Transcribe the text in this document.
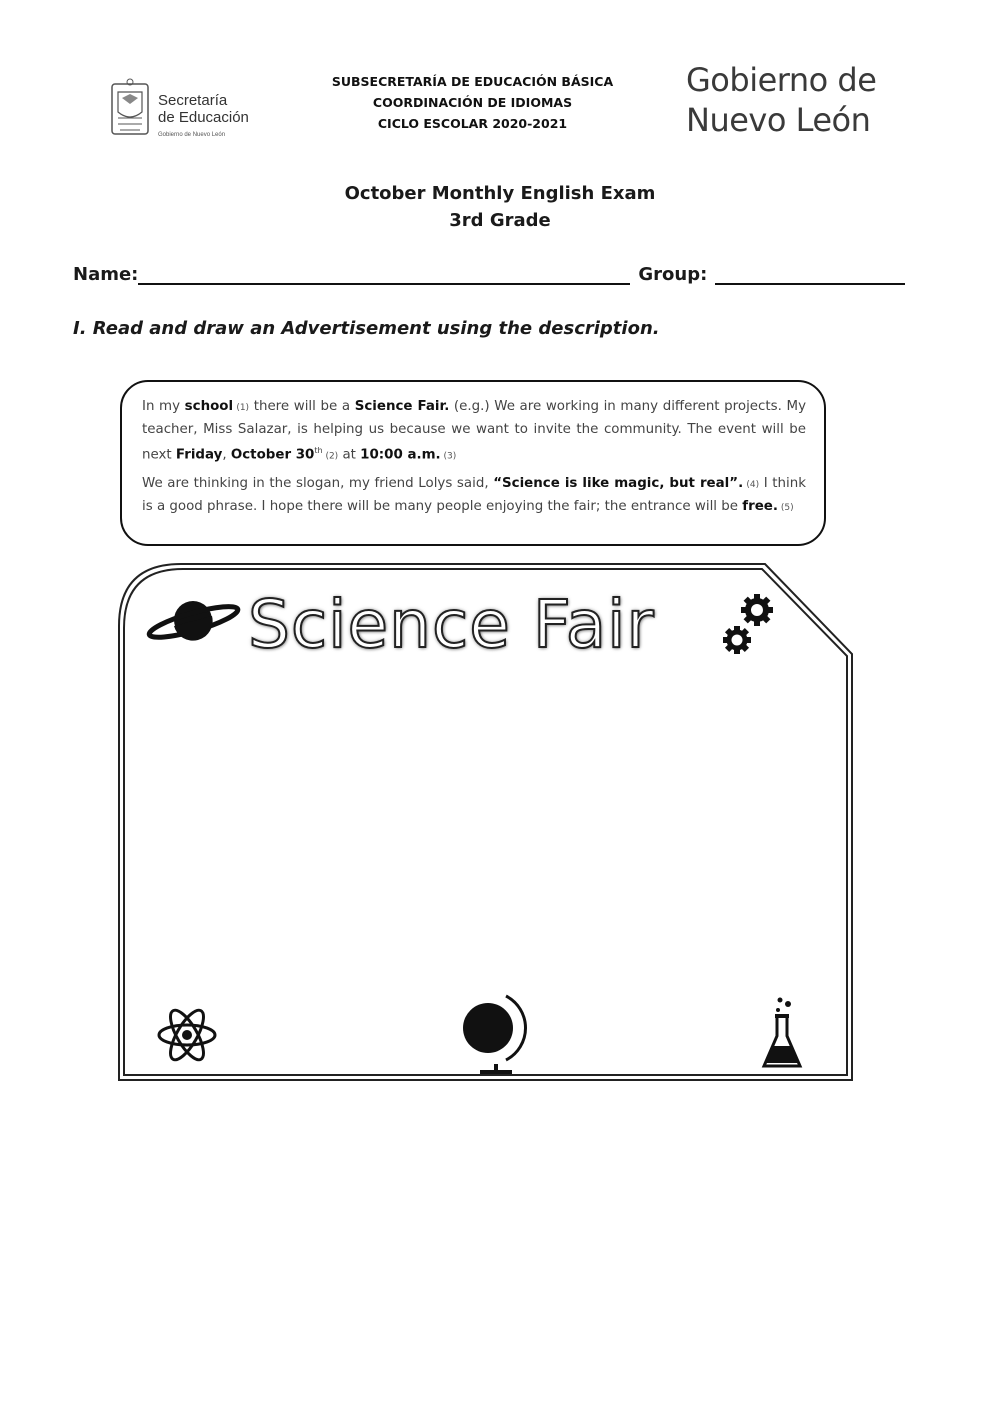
Secretaría
de Educación
Gobierno de Nuevo León
SUBSECRETARÍA DE EDUCACIÓN BÁSICA
COORDINACIÓN DE IDIOMAS
CICLO ESCOLAR 2020-2021
Gobierno de
Nuevo León
October Monthly English Exam
3rd Grade
Name:	Group:
I. Read and draw an Advertisement using the description.

In my school (1) there will be a Science Fair. (e.g.) We are working in many different projects. My teacher, Miss Salazar, is helping us because we want to invite the community. The event will be next Friday, October 30th (2) at 10:00 a.m. (3)

We are thinking in the slogan, my friend Lolys said, “Science is like magic, but real”. (4) I think is a good phrase. I hope there will be many people enjoying the fair; the entrance will be free. (5)

Science Fair
